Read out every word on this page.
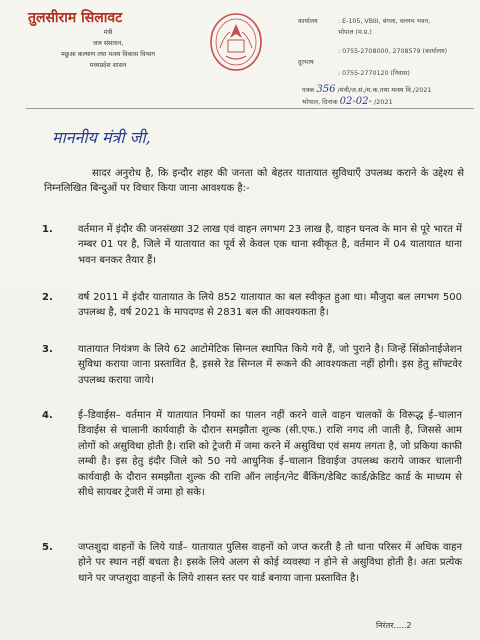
तुलसीराम सिलावट
मंत्री
जल संसाधन,
मछुआ कल्याण तथा मत्स्य विकास विभाग
मध्यप्रदेश शासन
कार्यालय	: E-105, VBIII, बंगला, वल्लभ भवन,
भोपाल (म.प्र.)
: 0755-2708000, 2708579 (कार्यालय)
दूरभाष
: 0755-2770120 (निवास)
पत्रक 356 /मंत्री/ज.सं./म.क.तथा मत्स्य वि./2021
भोपाल, दिनांक 02-02- /2021
माननीय मंत्री जी,
सादर अनुरोध है, कि इन्दौर शहर की जनता को बेहतर यातायात सुविधाएँ उपलब्ध कराने के उद्देश्य से निम्नलिखित बिन्दुओं पर विचार किया जाना आवश्यक है:-
1.	वर्तमान में इंदौर की जनसंख्या 32 लाख एवं वाहन लगभग 23 लाख है, वाहन घनत्व के मान से पूरे भारत में नम्बर 01 पर है, जिले में यातायात का पूर्व से केवल एक थाना स्वीकृत है, वर्तमान में 04 यातायात थाना भवन बनकर तैयार हैं।
2.	वर्ष 2011 में इंदौर यातायात के लिये 852 यातायात का बल स्वीकृत हुआ था। मौजुदा बल लगभग 500 उपलब्ध है, वर्ष 2021 के मापदण्ड से 2831 बल की आवश्यकता है।
3.	यातायात नियंत्रण के लिये 62 आटोमेटिक सिग्नल स्थापित किये गये हैं, जो पुराने है। जिन्हें सिंक्रोनाईजेशन सुविधा कराया जाना प्रस्तावित है, इससे रेड सिग्नल में रूकने की आवश्यकता नहीं होगी। इस हेतु सॉफ्टवेर उपलब्ध कराया जाये।
4.	ई–डिवाईस– वर्तमान में यातायात नियमों का पालन नहीं करने वाले वाहन चालकों के विरूद्ध ई–चालान डिवाईस से चालानी कार्यवाही के दौरान समझौता शुल्क (सी.एफ.) राशि नगद ली जाती है, जिससे आम लोगों को असुविधा होती है। राशि को ट्रेजरी में जमा करने में असुविधा एवं समय लगता है, जो प्रकिया काफी लम्बी है। इस हेतु इंदौर जिले को 50 नये आधुनिक ई–चालान डिवाईज उपलब्ध कराये जाकर चालानी कार्यवाही के दौरान समझौता शुल्क की राशि ऑन लाईन/नेट बैंकिंग/डेबिट कार्ड/क्रेडिट कार्ड के माध्यम से सीधे सायबर ट्रेजरी में जमा हो सके।
5.	जप्तशुदा वाहनों के लिये यार्ड– यातायात पुलिस वाहनों को जप्त करती है तो थाना परिसर में अधिक वाहन होने पर स्थान नहीं बचता है। इसके लिये अलग से कोई व्यवस्था न होने से असुविधा होती है। अतः प्रत्येक थाने पर जप्तशुदा वाहनों के लिये शासन स्तर पर यार्ड बनाया जाना प्रस्तावित है।
निरंतर.....2
